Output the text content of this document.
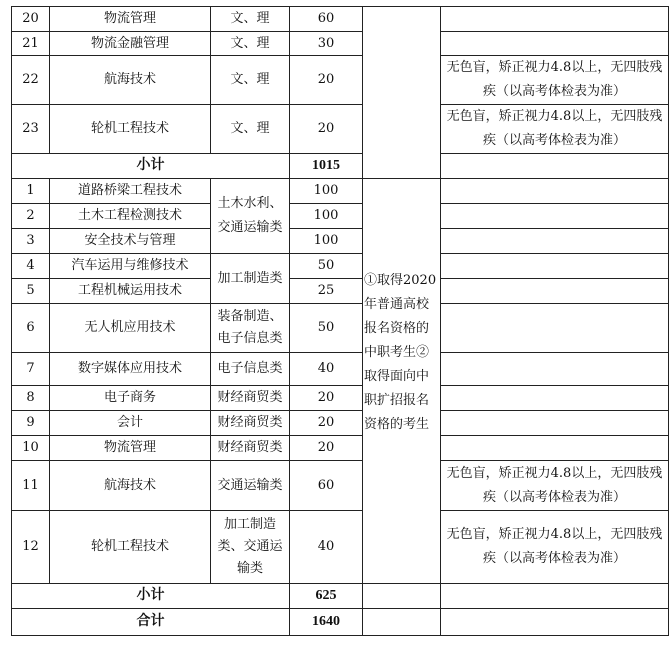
20	物流管理	文、理	60		
21	物流金融管理	文、理	30		
22	航海技术	文、理	20		无色盲，矫正视力4.8以上，无四肢残疾（以高考体检表为准）
23	轮机工程技术	文、理	20		无色盲，矫正视力4.8以上，无四肢残疾（以高考体检表为准）
小计			1015		
1	道路桥梁工程技术	土木水利、交通运输类	100	①取得2020年普通高校报名资格的中职考生②取得面向中职扩招报名资格的考生	

2	土木工程检测技术		100		
3	安全技术与管理		100		
4	汽车运用与维修技术	加工制造类	50		
5	工程机械运用技术		25		
6	无人机应用技术	装备制造、电子信息类	50		
7	数字媒体应用技术	电子信息类	40		
8	电子商务	财经商贸类	20		
9	会计	财经商贸类	20		
10	物流管理	财经商贸类	20		
11	航海技术	交通运输类	60		无色盲，矫正视力4.8以上，无四肢残疾（以高考体检表为准）
12	轮机工程技术	加工制造类、交通运输类	40		无色盲，矫正视力4.8以上，无四肢残疾（以高考体检表为准）
小计			625		
合计			1640		
